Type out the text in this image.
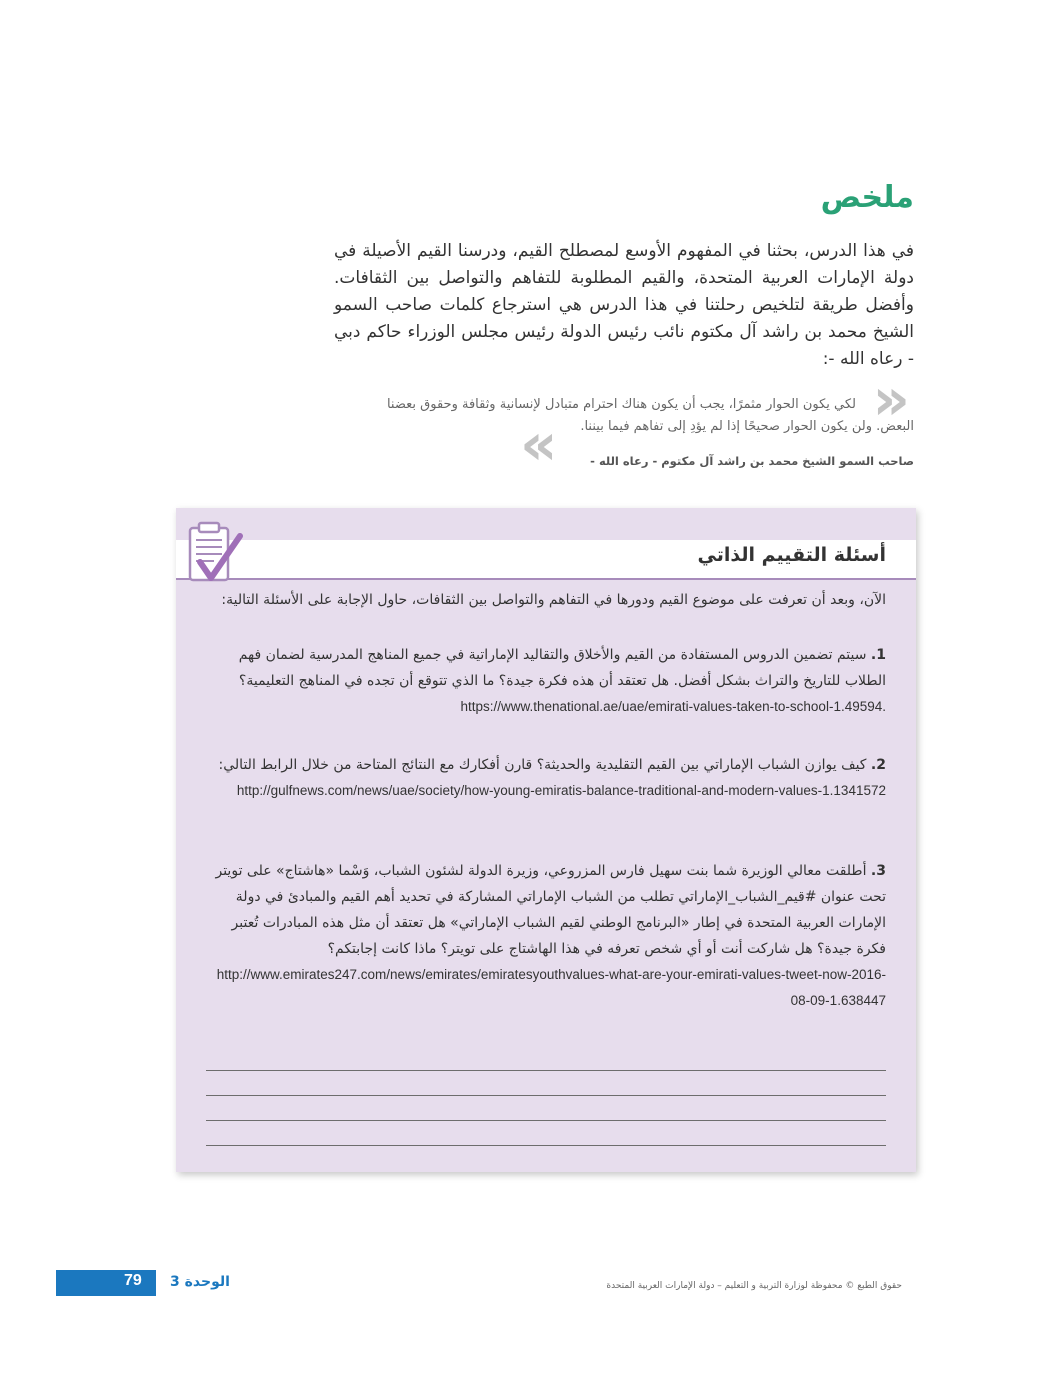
ملخص
في هذا الدرس، بحثنا في المفهوم الأوسع لمصطلح القيم، ودرسنا القيم الأصيلة في دولة الإمارات العربية المتحدة، والقيم المطلوبة للتفاهم والتواصل بين الثقافات. وأفضل طريقة لتلخيص رحلتنا في هذا الدرس هي استرجاع كلمات صاحب السمو الشيخ محمد بن راشد آل مكتوم نائب رئيس الدولة رئيس مجلس الوزراء حاكم دبي - رعاه الله -:
»
لكي يكون الحوار مثمرًا، يجب أن يكون هناك احترام متبادل لإنسانية وثقافة وحقوق بعضنا
البعض. ولن يكون الحوار صحيحًا إذا لم يؤدِ إلى تفاهم فيما بيننا.
«	صاحب السمو الشيخ محمد بن راشد آل مكتوم - رعاه الله -
أسئلة التقييم الذاتي
الآن، وبعد أن تعرفت على موضوع القيم ودورها في التفاهم والتواصل بين الثقافات، حاول الإجابة على الأسئلة التالية:
1. سيتم تضمين الدروس المستفادة من القيم والأخلاق والتقاليد الإماراتية في جميع المناهج المدرسية لضمان فهم الطلاب للتاريخ والتراث بشكل أفضل. هل تعتقد أن هذه فكرة جيدة؟ ما الذي تتوقع أن تجده في المناهج التعليمية؟
https://www.thenational.ae/uae/emirati-values-taken-to-school-1.49594.
2. كيف يوازن الشباب الإماراتي بين القيم التقليدية والحديثة؟ قارن أفكارك مع النتائج المتاحة من خلال الرابط التالي:
http://gulfnews.com/news/uae/society/how-young-emiratis-balance-traditional-and-modern-values-1.1341572
3. أطلقت معالي الوزيرة شما بنت سهيل فارس المزروعي، وزيرة الدولة لشئون الشباب، وَسْما «هاشتاج» على تويتر تحت عنوان #قيم_الشباب_الإماراتي تطلب من الشباب الإماراتي المشاركة في تحديد أهم القيم والمبادئ في دولة الإمارات العربية المتحدة في إطار «البرنامج الوطني لقيم الشباب الإماراتي» هل تعتقد أن مثل هذه المبادرات تُعتبر فكرة جيدة؟ هل شاركت أنت أو أي شخص تعرفه في هذا الهاشتاج على تويتر؟ ماذا كانت إجابتكم؟
http://www.emirates247.com/news/emirates/emiratesyouthvalues-what-are-your-emirati-values-tweet-now-2016-08-09-1.638447
79 الوحدة 3	حقوق الطبع © محفوظة لوزارة التربية و التعليم – دولة الإمارات العربية المتحدة
